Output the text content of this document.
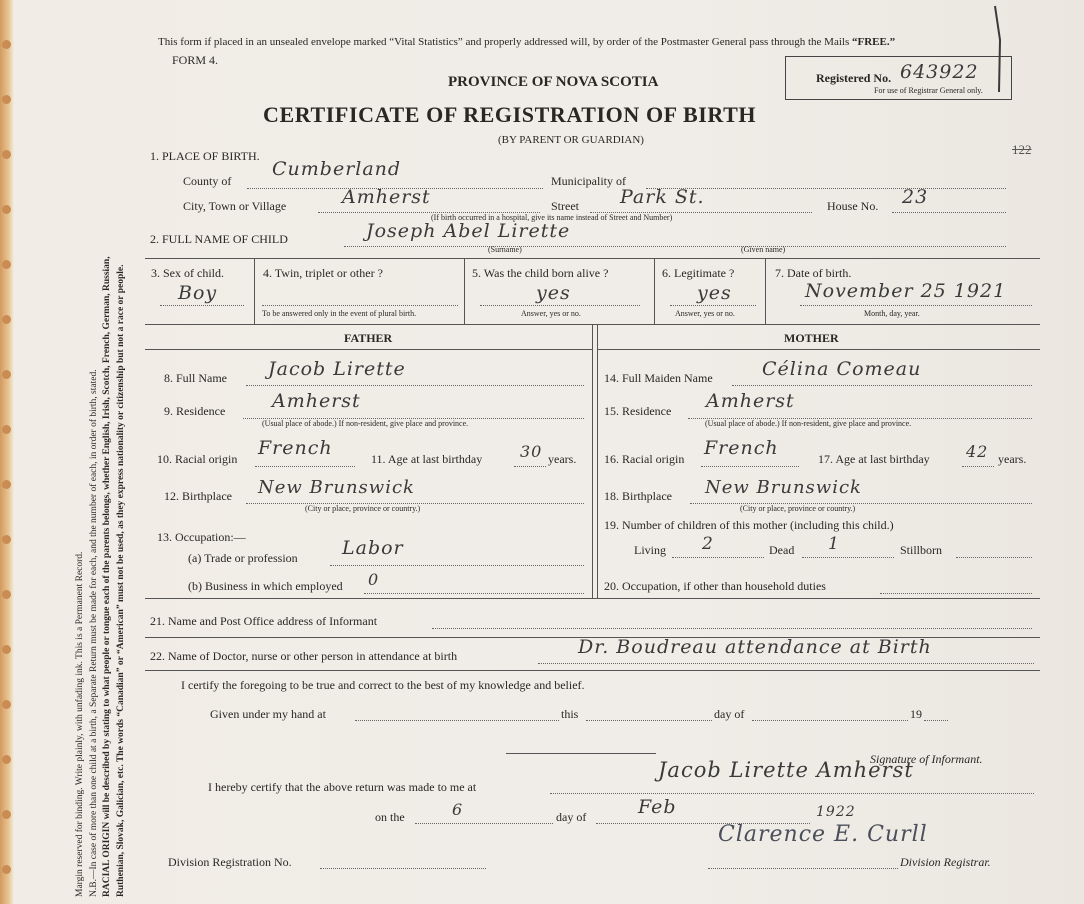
Margin reserved for binding. Write plainly, with unfading ink. This is a Permanent Record. N.B.—In case of more than one child at a birth, a Separate Return must be made for each, and the number of each, in order of birth, stated. RACIAL ORIGIN will be described by stating to what people or tongue each of the parents belongs, whether English, Irish, Scotch, French, German, Russian, Ruthenian, Slovak, Galician, etc. The words “Canadian” or “American” must not be used, as they express nationality or citizenship but not a race or people.
This form if placed in an unsealed envelope marked “Vital Statistics” and properly addressed will, by order of the Postmaster General pass through the Mails “FREE.”
FORM 4.
PROVINCE OF NOVA SCOTIA
CERTIFICATE OF REGISTRATION OF BIRTH
(BY PARENT OR GUARDIAN)
Registered No. 643922
For use of Registrar General only.
122
1. PLACE OF BIRTH.
County of
Cumberland
Municipality of
City, Town or Village	Amherst	Street Park St.	House No. 23
(If birth occurred in a hospital, give its name instead of Street and Number)
2. FULL NAME OF CHILD	Joseph Abel Lirette
(Surname)	(Given name)
3. Sex of child.
Boy
4. Twin, triplet or other ?
To be answered only in the event of plural birth.
5. Was the child born alive ?
yes
Answer, yes or no.
6. Legitimate ?
yes
Answer, yes or no.
7. Date of birth.
November 25 1921
Month, day, year.
FATHER
8. Full Name Jacob Lirette
9. Residence Amherst
(Usual place of abode.) If non-resident, give place and province.
10. Racial origin French	11. Age at last birthday 30 years.
12. Birthplace New Brunswick
(City or place, province or country.)
13. Occupation:—
(a) Trade or profession Labor
(b) Business in which employed 0
MOTHER
14. Full Maiden Name	Célina Comeau
15. Residence Amherst
(Usual place of abode.) If non-resident, give place and province.
16. Racial origin French	17. Age at last birthday 42 years.
18. Birthplace New Brunswick
(City or place, province or country.)
19. Number of children of this mother (including this child.)
Living 2	Dead 1	Stillborn
20. Occupation, if other than household duties
21. Name and Post Office address of Informant
22. Name of Doctor, nurse or other person in attendance at birth	Dr. Boudreau attendance at Birth
I certify the foregoing to be true and correct to the best of my knowledge and belief.
Given under my hand at	this	day of	19
Signature of Informant.
I hereby certify that the above return was made to me at
Jacob Lirette Amherst
on the	6	day of	Feb	1922
Division Registration No.
Clarence E. Curll
Division Registrar.
